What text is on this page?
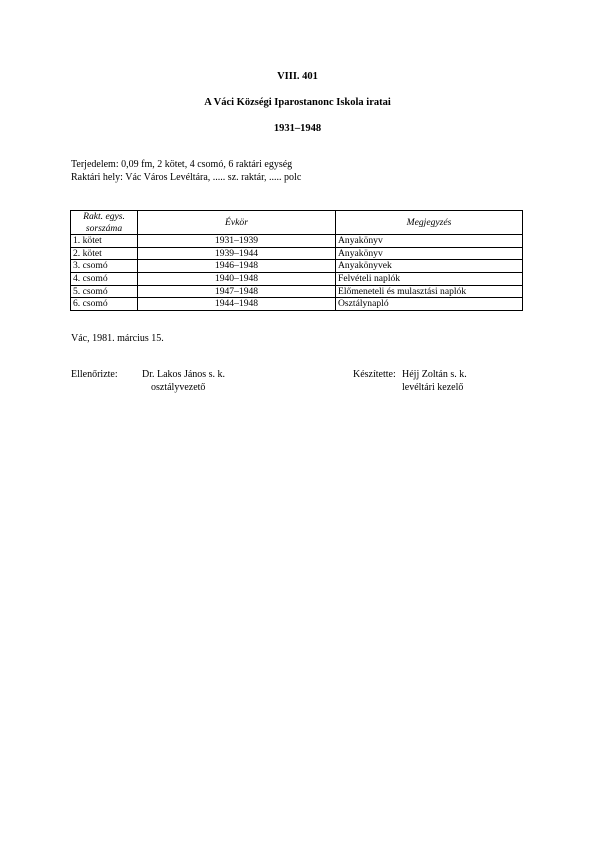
VIII. 401
A Váci Községi Iparostanonc Iskola iratai
1931–1948
Terjedelem: 0,09 fm, 2 kötet, 4 csomó, 6 raktári egység
Raktári hely: Vác Város Levéltára, ..... sz. raktár, ..... polc
Rakt. egys.
sorszáma	Évkör	Megjegyzés
1. kötet	1931–1939	Anyakönyv
2. kötet	1939–1944	Anyakönyv
3. csomó	1946–1948	Anyakönyvek
4. csomó	1940–1948	Felvételi naplók
5. csomó	1947–1948	Előmeneteli és mulasztási naplók
6. csomó	1944–1948	Osztálynapló
Vác, 1981. március 15.
Ellenőrizte: Dr. Lakos János s. k.
osztályvezető
Készítette: Héjj Zoltán s. k.
levéltári kezelő
